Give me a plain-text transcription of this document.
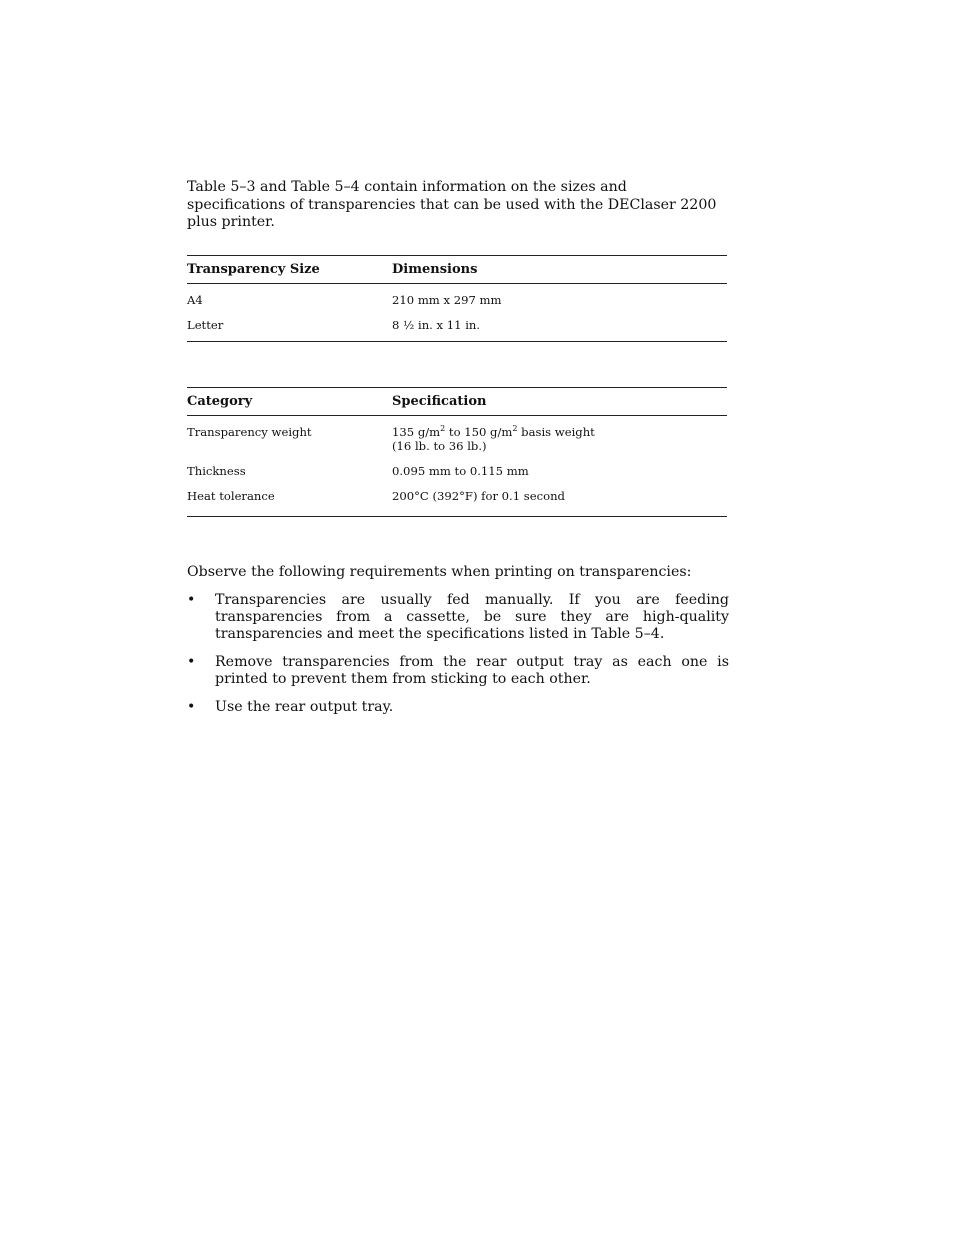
Table 5–3 and Table 5–4 contain information on the sizes and specifications of transparencies that can be used with the DEClaser 2200 plus printer.

Transparency Size	Dimensions
A4	210 mm x 297 mm
Letter	8 ½ in. x 11 in.
Category	Specification
Transparency weight	135 $g/m^2$ to 150 $g/m^2$ basis weight
(16 lb. to 36 lb.)
Thickness	0.095 mm to 0.115 mm
Heat tolerance	200°C (392°F) for 0.1 second

Observe the following requirements when printing on transparencies:

• Transparencies are usually fed manually. If you are feeding transparencies from a cassette, be sure they are high-quality transparencies and meet the specifications listed in Table 5–4.
• Remove transparencies from the rear output tray as each one is printed to prevent them from sticking to each other.
• Use the rear output tray.
